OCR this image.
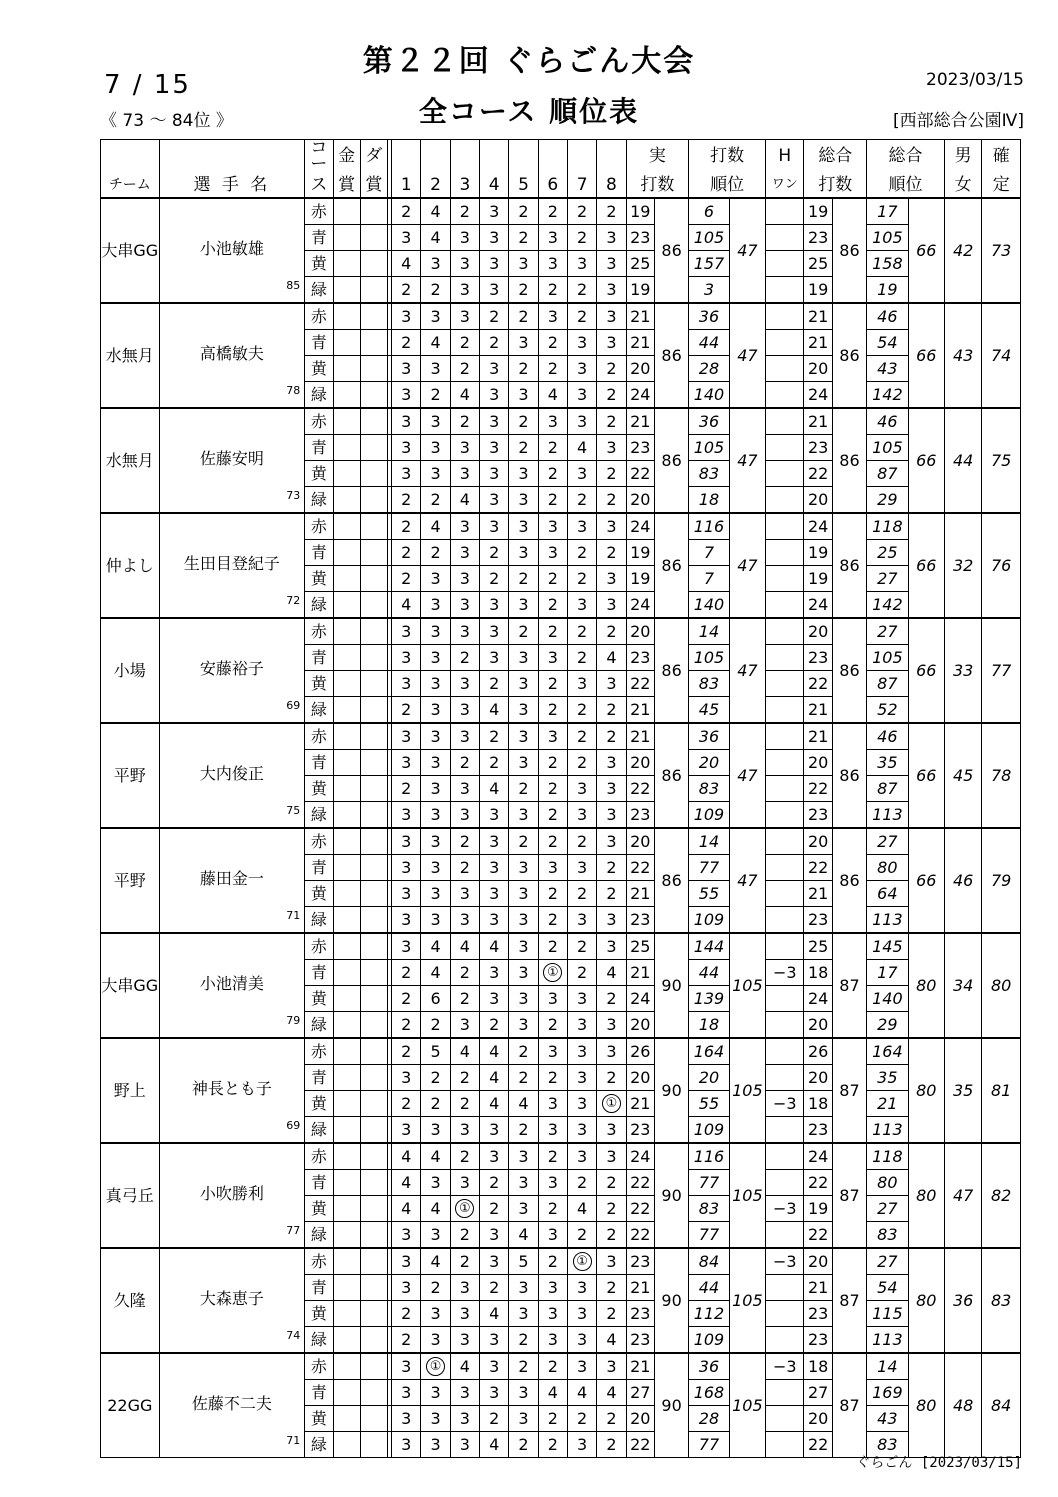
第２２回 ぐらごん大会
7 / 15
《 73 ～ 84位 》	全コース 順位表
2023/03/15
[西部総合公園Ⅳ]
		コー	金	ダ										実		打数		H	総合		総合		男	確
チーム	選 手 名	ス	賞	賞		1	2	3	4	5	6	7	8	打数		順位		ワン	打数		順位		女	定
大串GG	小池敏雄
85	赤				2	4	2	3	2	2	2	2	19	86	6	47		19	86	17	66	42	73
		青				3	4	3	3	2	3	2	3	23		105			23		105			
		黄				4	3	3	3	3	3	3	3	25		157			25		158			
		緑				2	2	3	3	2	2	2	3	19		3			19		19			
水無月	高橋敏夫
78	赤				3	3	3	2	2	3	2	3	21	86	36	47		21	86	46	66	43	74
		青				2	4	2	2	3	2	3	3	21		44			21		54			
		黄				3	3	2	3	2	2	3	2	20		28			20		43			
		緑				3	2	4	3	3	4	3	2	24		140			24		142			
水無月	佐藤安明
73	赤				3	3	2	3	2	3	3	2	21	86	36	47		21	86	46	66	44	75
		青				3	3	3	3	2	2	4	3	23		105			23		105			
		黄				3	3	3	3	3	2	3	2	22		83			22		87			
		緑				2	2	4	3	3	2	2	2	20		18			20		29			
仲よし	生田目登紀子
72	赤				2	4	3	3	3	3	3	3	24	86	116	47		24	86	118	66	32	76
		青				2	2	3	2	3	3	2	2	19		7			19		25			
		黄				2	3	3	2	2	2	2	3	19		7			19		27			
		緑				4	3	3	3	3	2	3	3	24		140			24		142			
小場	安藤裕子
69	赤				3	3	3	3	2	2	2	2	20	86	14	47		20	86	27	66	33	77
		青				3	3	2	3	3	3	2	4	23		105			23		105			
		黄				3	3	3	2	3	2	3	3	22		83			22		87			
		緑				2	3	3	4	3	2	2	2	21		45			21		52			
平野	大内俊正
75	赤				3	3	3	2	3	3	2	2	21	86	36	47		21	86	46	66	45	78
		青				3	3	2	2	3	2	2	3	20		20			20		35			
		黄				2	3	3	4	2	2	3	3	22		83			22		87			
		緑				3	3	3	3	3	2	3	3	23		109			23		113			
平野	藤田金一
71	赤				3	3	2	3	2	2	2	3	20	86	14	47		20	86	27	66	46	79
		青				3	3	2	3	3	3	3	2	22		77			22		80			
		黄				3	3	3	3	3	2	2	2	21		55			21		64			
		緑				3	3	3	3	3	2	3	3	23		109			23		113			
大串GG	小池清美
79	赤				3	4	4	4	3	2	2	3	25	90	144	105		25	87	145	80	34	80
		青				2	4	2	3	3	①	2	4	21		44		−3	18		17			
		黄				2	6	2	3	3	3	3	2	24		139			24		140			
		緑				2	2	3	2	3	2	3	3	20		18			20		29			
野上	神長とも子
69	赤				2	5	4	4	2	3	3	3	26	90	164	105		26	87	164	80	35	81
		青				3	2	2	4	2	2	3	2	20		20			20		35			
		黄				2	2	2	4	4	3	3	①	21		55		−3	18		21			
		緑				3	3	3	3	2	3	3	3	23		109			23		113			
真弓丘	小吹勝利
77	赤				4	4	2	3	3	2	3	3	24	90	116	105		24	87	118	80	47	82
		青				4	3	3	2	3	3	2	2	22		77			22		80			
		黄				4	4	①	2	3	2	4	2	22		83		−3	19		27			
		緑				3	3	2	3	4	3	2	2	22		77			22		83			
久隆	大森恵子
74	赤				3	4	2	3	5	2	①	3	23	90	84	105	−3	20	87	27	80	36	83
		青				3	2	3	2	3	3	3	2	21		44			21		54			
		黄				2	3	3	4	3	3	3	2	23		112			23		115			
		緑				2	3	3	3	2	3	3	4	23		109			23		113			
22GG	佐藤不二夫
71	赤				3	①	4	3	2	2	3	3	21	90	36	105	−3	18	87	14	80	48	84
		青				3	3	3	3	3	4	4	4	27		168			27		169			
		黄				3	3	3	2	3	2	2	2	20		28			20		43			
		緑				3	3	3	4	2	2	3	2	22		77			22		83			
ぐらごん [2023/03/15]
